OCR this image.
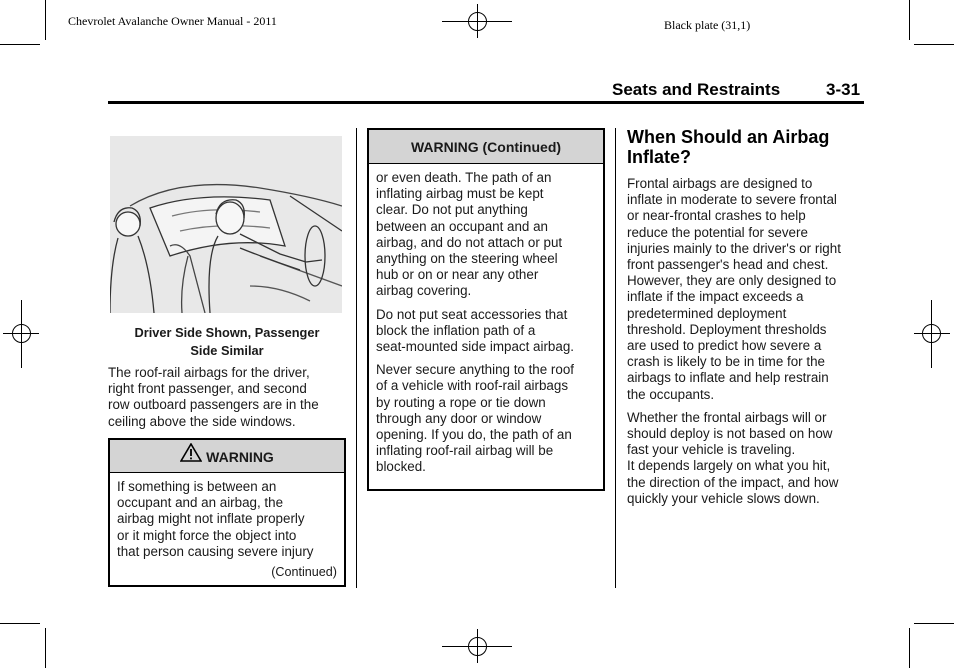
Chevrolet Avalanche Owner Manual - 2011	Black plate (31,1)
Seats and Restraints	3-31
Driver Side Shown, Passenger
Side Similar
The roof-rail airbags for the driver,
right front passenger, and second
row outboard passengers are in the
ceiling above the side windows.
WARNING
If something is between an
occupant and an airbag, the
airbag might not inflate properly
or it might force the object into
that person causing severe injury
(Continued)
WARNING (Continued)

or even death. The path of an
inflating airbag must be kept
clear. Do not put anything
between an occupant and an
airbag, and do not attach or put
anything on the steering wheel
hub or on or near any other
airbag covering.

Do not put seat accessories that
block the inflation path of a
seat-mounted side impact airbag.

Never secure anything to the roof
of a vehicle with roof-rail airbags
by routing a rope or tie down
through any door or window
opening. If you do, the path of an
inflating roof-rail airbag will be
blocked.

When Should an Airbag
Inflate?

Frontal airbags are designed to
inflate in moderate to severe frontal
or near-frontal crashes to help
reduce the potential for severe
injuries mainly to the driver's or right
front passenger's head and chest.
However, they are only designed to
inflate if the impact exceeds a
predetermined deployment
threshold. Deployment thresholds
are used to predict how severe a
crash is likely to be in time for the
airbags to inflate and help restrain
the occupants.

Whether the frontal airbags will or
should deploy is not based on how
fast your vehicle is traveling.
It depends largely on what you hit,
the direction of the impact, and how
quickly your vehicle slows down.
